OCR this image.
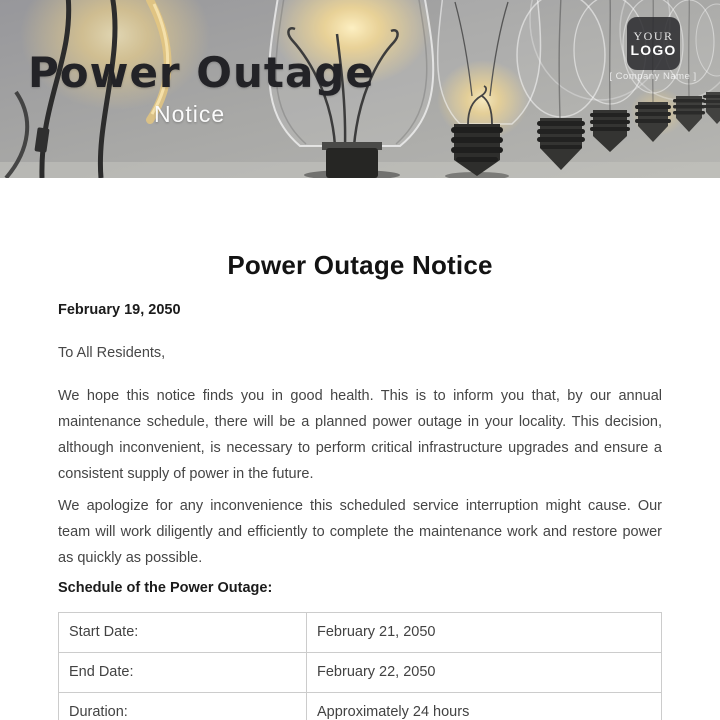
Power Outage
Notice
YOUR
LOGO
[ Company Name ]
Power Outage Notice

February 19, 2050

To All Residents,

We hope this notice finds you in good health. This is to inform you that, by our annual maintenance schedule, there will be a planned power outage in your locality. This decision, although inconvenient, is necessary to perform critical infrastructure upgrades and ensure a consistent supply of power in the future.

We apologize for any inconvenience this scheduled service interruption might cause. Our team will work diligently and efficiently to complete the maintenance work and restore power as quickly as possible.

Schedule of the Power Outage:
Start Date:	February 21, 2050
End Date:	February 22, 2050
Duration:	Approximately 24 hours
